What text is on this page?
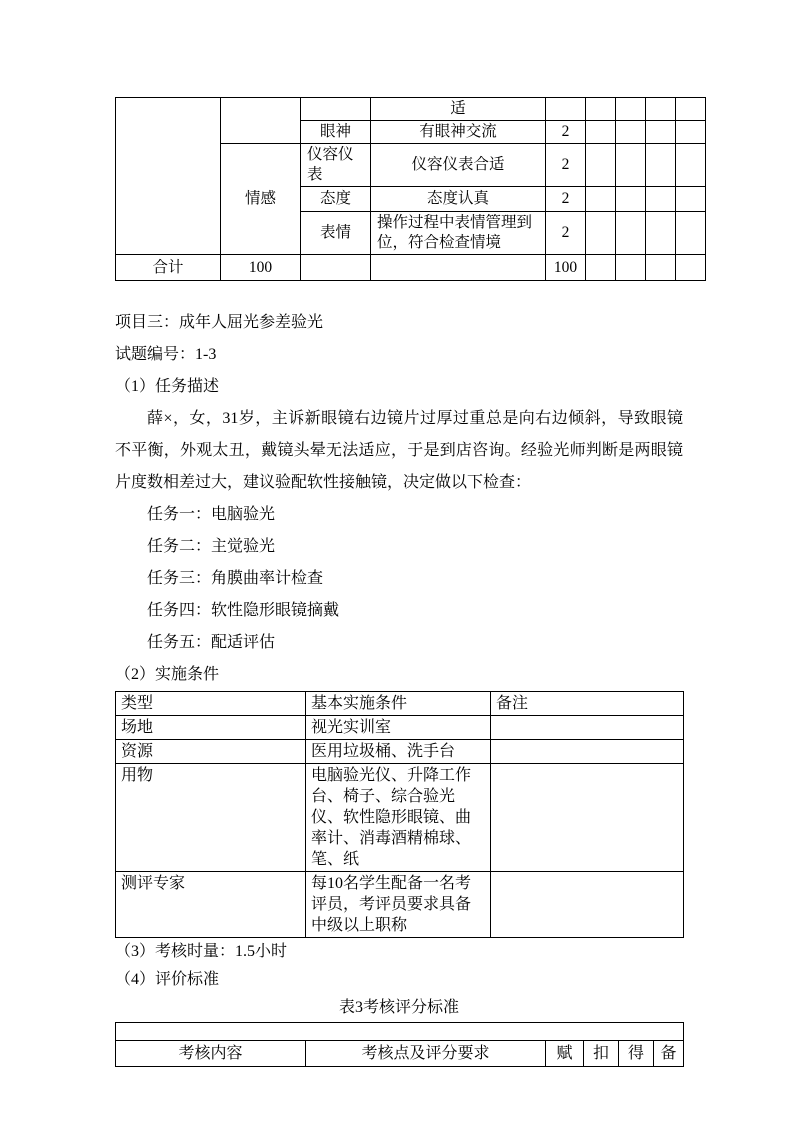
			适					
		眼神	有眼神交流	2				
	情感	仪容仪表	仪容仪表合适	2				
		态度	态度认真	2				
		表情	操作过程中表情管理到位，符合检查情境	2				
合计	100			100				
项目三：成年人屈光参差验光
试题编号：1-3
（1）任务描述
薛×，女，31岁，主诉新眼镜右边镜片过厚过重总是向右边倾斜，导致眼镜不平衡，外观太丑，戴镜头晕无法适应，于是到店咨询。经验光师判断是两眼镜片度数相差过大，建议验配软性接触镜，决定做以下检查：
任务一：电脑验光
任务二：主觉验光
任务三：角膜曲率计检查
任务四：软性隐形眼镜摘戴
任务五：配适评估
（2）实施条件
类型	基本实施条件	备注
场地	视光实训室	
资源	医用垃圾桶、洗手台	
用物	电脑验光仪、升降工作台、椅子、综合验光仪、软性隐形眼镜、曲率计、消毒酒精棉球、笔、纸	
测评专家	每10名学生配备一名考评员，考评员要求具备中级以上职称	
（3）考核时量：1.5小时
（4）评价标准
表3考核评分标准

考核内容	考核点及评分要求	赋	扣	得	备
